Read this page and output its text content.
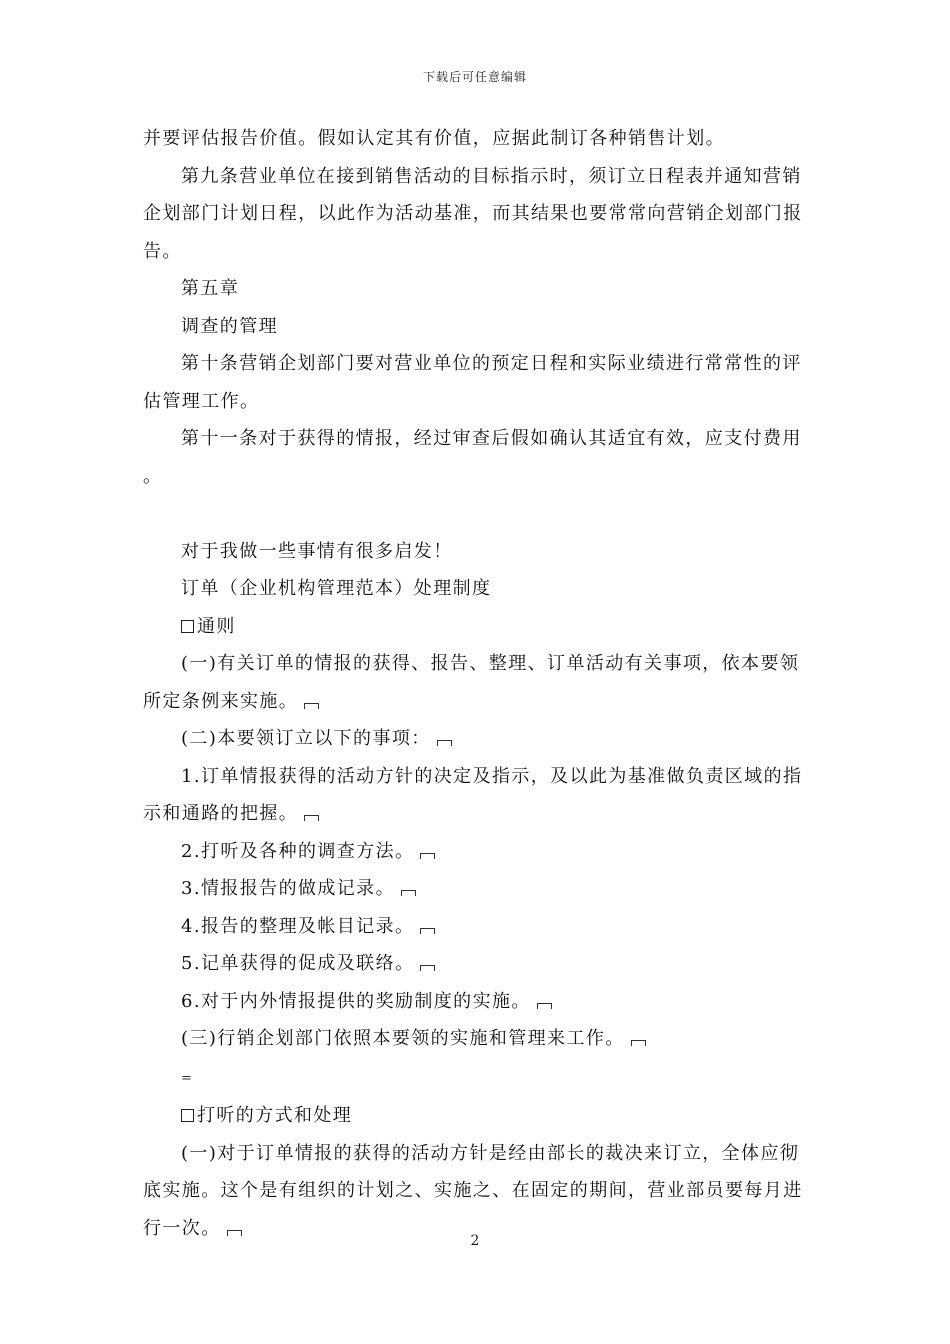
下载后可任意编辑

并要评估报告价值。假如认定其有价值，应据此制订各种销售计划。

第九条营业单位在接到销售活动的目标指示时，须订立日程表并通知营销企划部门计划日程，以此作为活动基准，而其结果也要常常向营销企划部门报告。

第五章

调查的管理

第十条营销企划部门要对营业单位的预定日程和实际业绩进行常常性的评估管理工作。

第十一条对于获得的情报，经过审查后假如确认其适宜有效，应支付费用 。

对于我做一些事情有很多启发！

订单（企业机构管理范本）处理制度

通则

(一)有关订单的情报的获得、报告、整理、订单活动有关事项，依本要领所定条例来实施。

(二)本要领订立以下的事项：

1.订单情报获得的活动方针的决定及指示，及以此为基准做负责区域的指示和通路的把握。

2.打听及各种的调查方法。

3.情报报告的做成记录。

4.报告的整理及帐目记录。

5.记单获得的促成及联络。

6.对于内外情报提供的奖励制度的实施。

(三)行销企划部门依照本要领的实施和管理来工作。

=

打听的方式和处理

(一)对于订单情报的获得的活动方针是经由部长的裁决来订立，全体应彻底实施。这个是有组织的计划之、实施之、在固定的期间，营业部员要每月进行一次。

2
